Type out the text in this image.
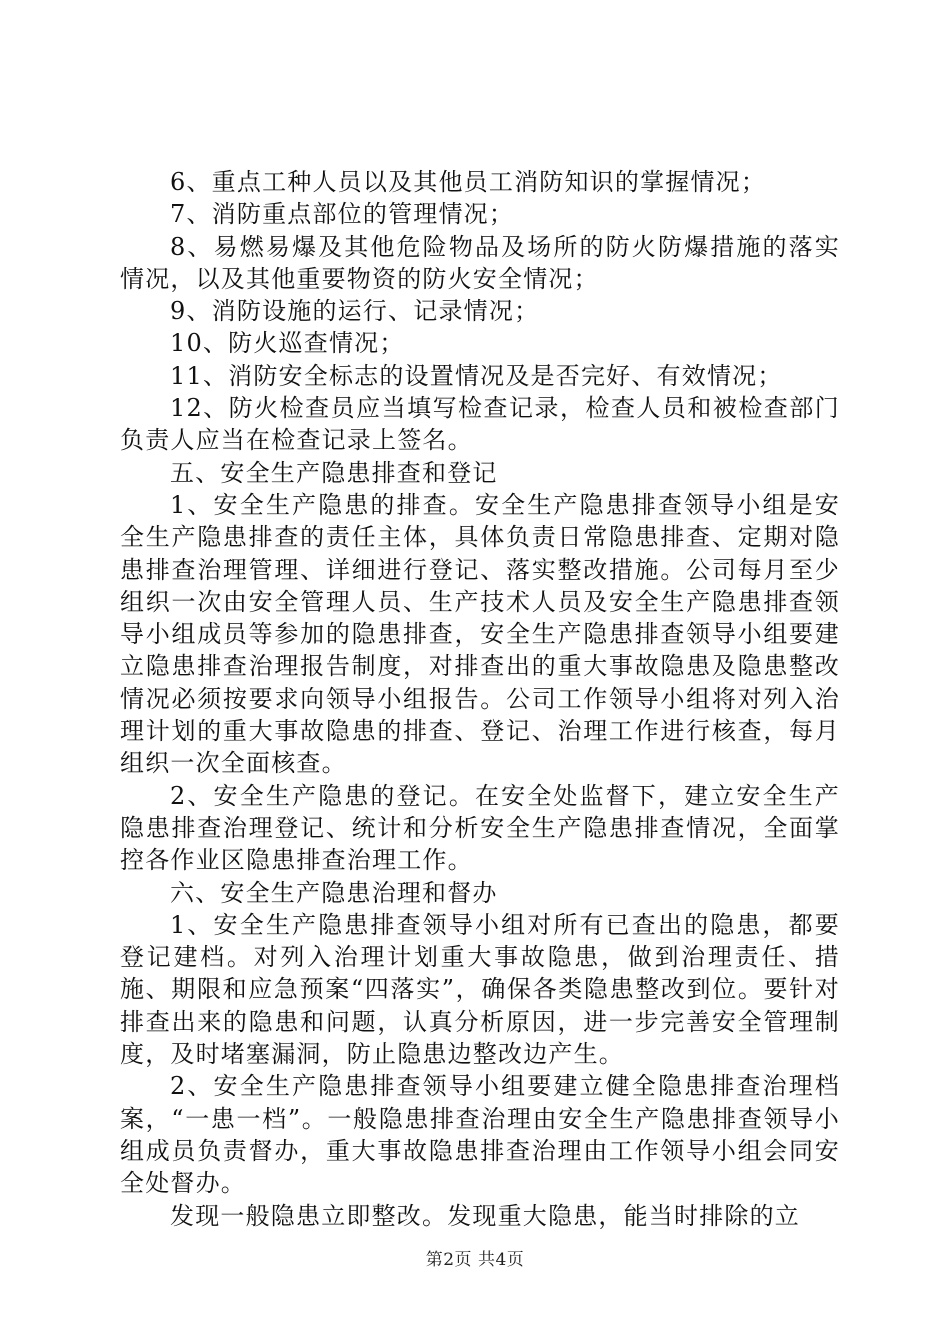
6、重点工种人员以及其他员工消防知识的掌握情况；

7、消防重点部位的管理情况；

8、易燃易爆及其他危险物品及场所的防火防爆措施的落实情况，以及其他重要物资的防火安全情况；

9、消防设施的运行、记录情况；

10、防火巡查情况；

11、消防安全标志的设置情况及是否完好、有效情况；

12、防火检查员应当填写检查记录，检查人员和被检查部门负责人应当在检查记录上签名。

五、安全生产隐患排查和登记

1、安全生产隐患的排查。安全生产隐患排查领导小组是安全生产隐患排查的责任主体，具体负责日常隐患排查、定期对隐患排查治理管理、详细进行登记、落实整改措施。公司每月至少组织一次由安全管理人员、生产技术人员及安全生产隐患排查领导小组成员等参加的隐患排查，安全生产隐患排查领导小组要建立隐患排查治理报告制度，对排查出的重大事故隐患及隐患整改情况必须按要求向领导小组报告。公司工作领导小组将对列入治理计划的重大事故隐患的排查、登记、治理工作进行核查，每月组织一次全面核查。

2、安全生产隐患的登记。在安全处监督下，建立安全生产隐患排查治理登记、统计和分析安全生产隐患排查情况，全面掌控各作业区隐患排查治理工作。

六、安全生产隐患治理和督办

1、安全生产隐患排查领导小组对所有已查出的隐患，都要登记建档。对列入治理计划重大事故隐患，做到治理责任、措施、期限和应急预案“四落实”，确保各类隐患整改到位。要针对排查出来的隐患和问题，认真分析原因，进一步完善安全管理制度，及时堵塞漏洞，防止隐患边整改边产生。

2、安全生产隐患排查领导小组要建立健全隐患排查治理档案，“一患一档”。一般隐患排查治理由安全生产隐患排查领导小组成员负责督办，重大事故隐患排查治理由工作领导小组会同安全处督办。

发现一般隐患立即整改。发现重大隐患，能当时排除的立

第2页 共4页
